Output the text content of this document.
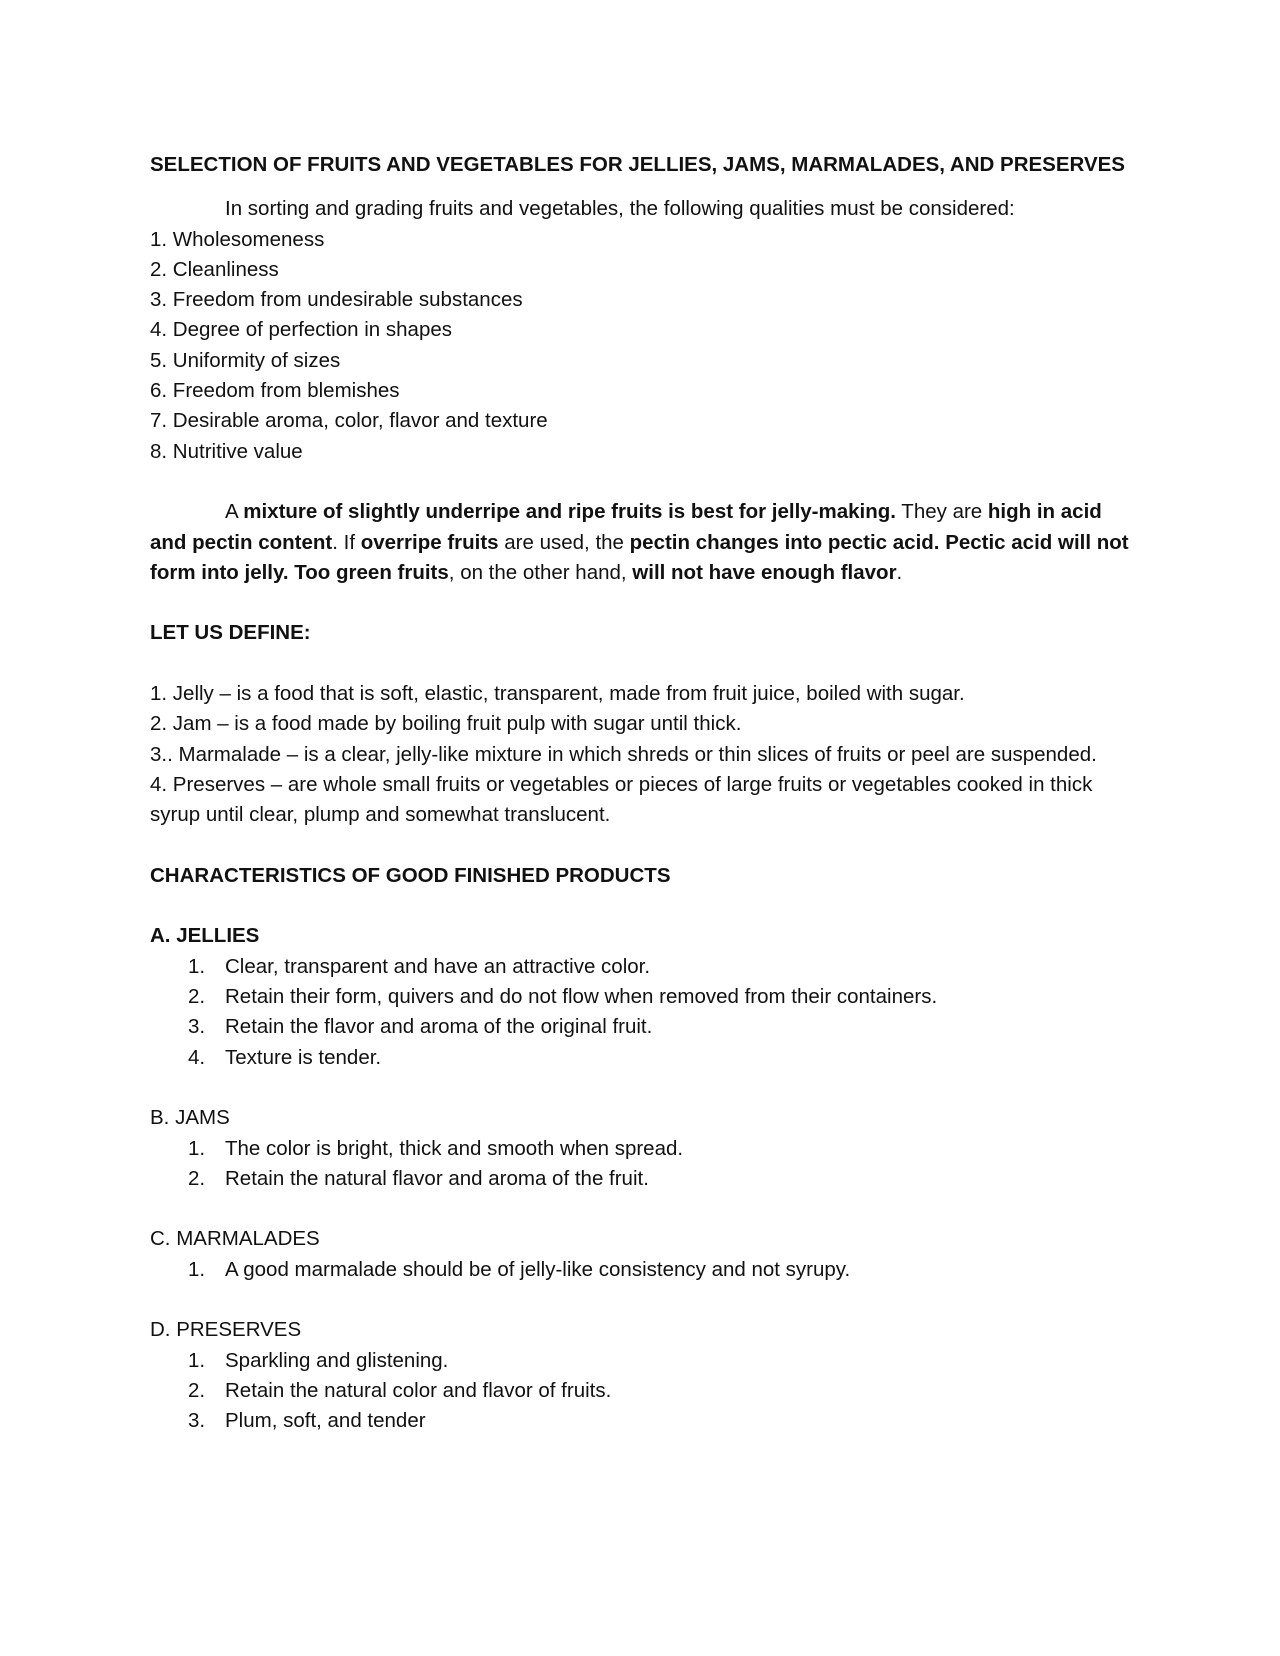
SELECTION OF FRUITS AND VEGETABLES FOR JELLIES, JAMS, MARMALADES, AND PRESERVES
In sorting and grading fruits and vegetables, the following qualities must be considered:
1. Wholesomeness
2. Cleanliness
3. Freedom from undesirable substances
4. Degree of perfection in shapes
5. Uniformity of sizes
6. Freedom from blemishes
7. Desirable aroma, color, flavor and texture
8. Nutritive value
A mixture of slightly underripe and ripe fruits is best for jelly-making. They are high in acid and pectin content. If overripe fruits are used, the pectin changes into pectic acid. Pectic acid will not form into jelly. Too green fruits, on the other hand, will not have enough flavor.
LET US DEFINE:
1. Jelly – is a food that is soft, elastic, transparent, made from fruit juice, boiled with sugar.
2. Jam – is a food made by boiling fruit pulp with sugar until thick.
3.. Marmalade – is a clear, jelly-like mixture in which shreds or thin slices of fruits or peel are suspended.
4. Preserves – are whole small fruits or vegetables or pieces of large fruits or vegetables cooked in thick syrup until clear, plump and somewhat translucent.
CHARACTERISTICS OF GOOD FINISHED PRODUCTS
A. JELLIES
1. Clear, transparent and have an attractive color.
2. Retain their form, quivers and do not flow when removed from their containers.
3. Retain the flavor and aroma of the original fruit.
4. Texture is tender.
B. JAMS
1. The color is bright, thick and smooth when spread.
2. Retain the natural flavor and aroma of the fruit.
C. MARMALADES
1. A good marmalade should be of jelly-like consistency and not syrupy.
D. PRESERVES
1. Sparkling and glistening.
2. Retain the natural color and flavor of fruits.
3. Plum, soft, and tender
